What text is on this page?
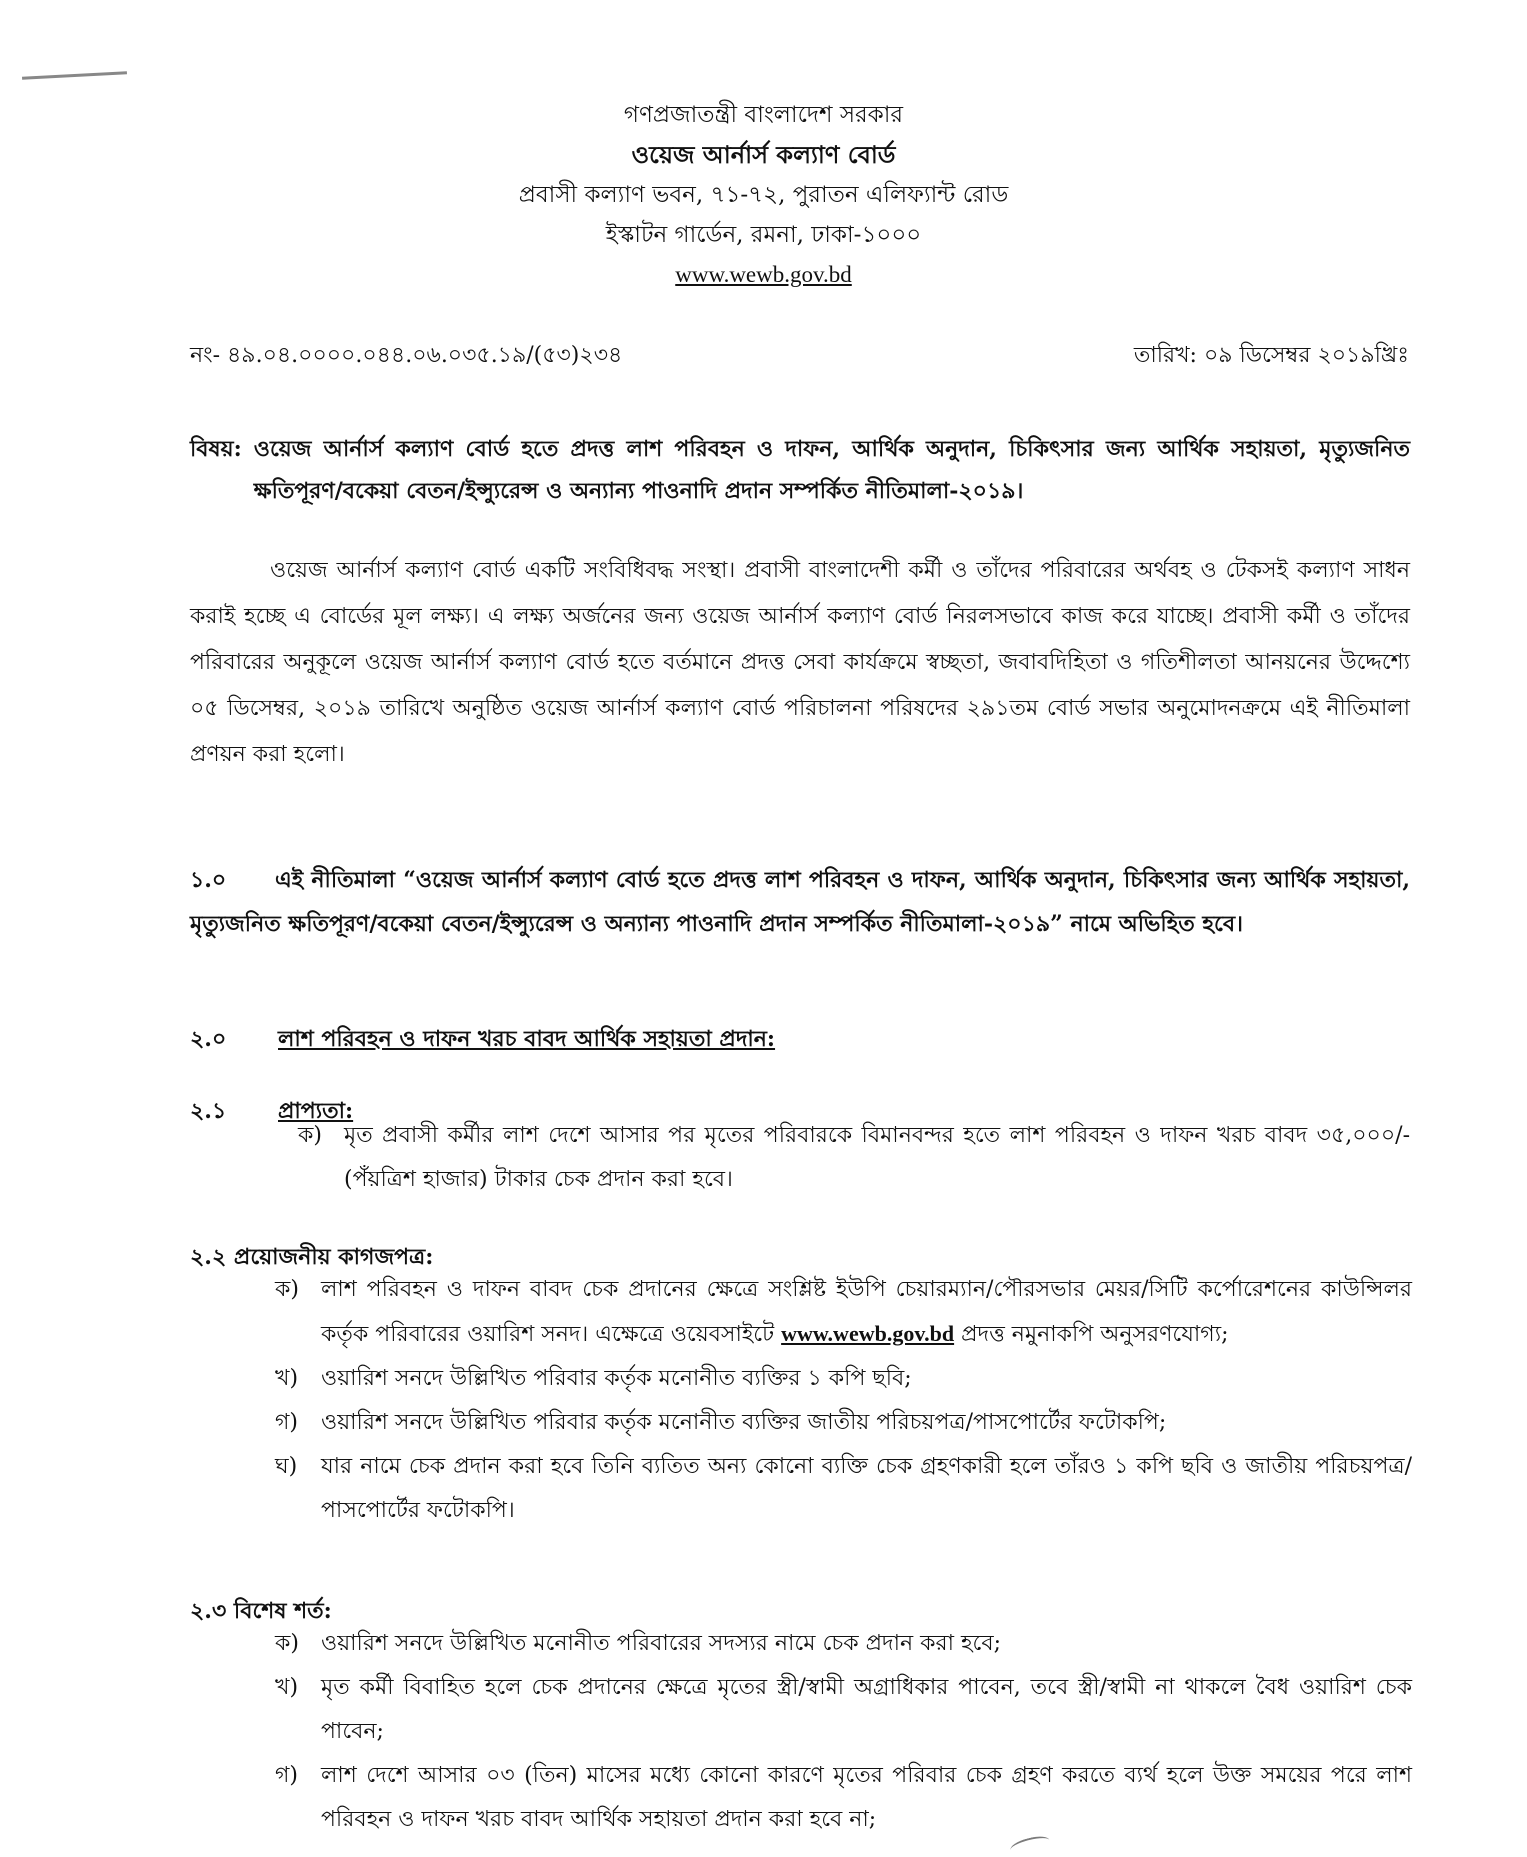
গণপ্রজাতন্ত্রী বাংলাদেশ সরকার
ওয়েজ আর্নার্স কল্যাণ বোর্ড
প্রবাসী কল্যাণ ভবন, ৭১-৭২, পুরাতন এলিফ্যান্ট রোড
ইস্কাটন গার্ডেন, রমনা, ঢাকা-১০০০
www.wewb.gov.bd
নং- ৪৯.০৪.০০০০.০৪৪.০৬.০৩৫.১৯/(৫৩)২৩৪	তারিখ: ০৯ ডিসেম্বর ২০১৯খ্রিঃ
বিষয়: ওয়েজ আর্নার্স কল্যাণ বোর্ড হতে প্রদত্ত লাশ পরিবহন ও দাফন, আর্থিক অনুদান, চিকিৎসার জন্য আর্থিক সহায়তা, মৃত্যুজনিত ক্ষতিপূরণ/বকেয়া বেতন/ইন্স্যুরেন্স ও অন্যান্য পাওনাদি প্রদান সম্পর্কিত নীতিমালা-২০১৯।

ওয়েজ আর্নার্স কল্যাণ বোর্ড একটি সংবিধিবদ্ধ সংস্থা। প্রবাসী বাংলাদেশী কর্মী ও তাঁদের পরিবারের অর্থবহ ও টেকসই কল্যাণ সাধন করাই হচ্ছে এ বোর্ডের মূল লক্ষ্য। এ লক্ষ্য অর্জনের জন্য ওয়েজ আর্নার্স কল্যাণ বোর্ড নিরলসভাবে কাজ করে যাচ্ছে। প্রবাসী কর্মী ও তাঁদের পরিবারের অনুকূলে ওয়েজ আর্নার্স কল্যাণ বোর্ড হতে বর্তমানে প্রদত্ত সেবা কার্যক্রমে স্বচ্ছতা, জবাবদিহিতা ও গতিশীলতা আনয়নের উদ্দেশ্যে ০৫ ডিসেম্বর, ২০১৯ তারিখে অনুষ্ঠিত ওয়েজ আর্নার্স কল্যাণ বোর্ড পরিচালনা পরিষদের ২৯১তম বোর্ড সভার অনুমোদনক্রমে এই নীতিমালা প্রণয়ন করা হলো।

১.০ এই নীতিমালা “ওয়েজ আর্নার্স কল্যাণ বোর্ড হতে প্রদত্ত লাশ পরিবহন ও দাফন, আর্থিক অনুদান, চিকিৎসার জন্য আর্থিক সহায়তা, মৃত্যুজনিত ক্ষতিপূরণ/বকেয়া বেতন/ইন্স্যুরেন্স ও অন্যান্য পাওনাদি প্রদান সম্পর্কিত নীতিমালা-২০১৯” নামে অভিহিত হবে।

২.০ লাশ পরিবহন ও দাফন খরচ বাবদ আর্থিক সহায়তা প্রদান:
২.১ প্রাপ্যতা:
ক)	মৃত প্রবাসী কর্মীর লাশ দেশে আসার পর মৃতের পরিবারকে বিমানবন্দর হতে লাশ পরিবহন ও দাফন খরচ বাবদ ৩৫,০০০/- (পঁয়ত্রিশ হাজার) টাকার চেক প্রদান করা হবে।
২.২ প্রয়োজনীয় কাগজপত্র:
ক)	লাশ পরিবহন ও দাফন বাবদ চেক প্রদানের ক্ষেত্রে সংশ্লিষ্ট ইউপি চেয়ারম্যান/পৌরসভার মেয়র/সিটি কর্পোরেশনের কাউন্সিলর কর্তৃক পরিবারের ওয়ারিশ সনদ। এক্ষেত্রে ওয়েবসাইটে www.wewb.gov.bd প্রদত্ত নমুনাকপি অনুসরণযোগ্য;
খ)	ওয়ারিশ সনদে উল্লিখিত পরিবার কর্তৃক মনোনীত ব্যক্তির ১ কপি ছবি;
গ)	ওয়ারিশ সনদে উল্লিখিত পরিবার কর্তৃক মনোনীত ব্যক্তির জাতীয় পরিচয়পত্র/পাসপোর্টের ফটোকপি;
ঘ)	যার নামে চেক প্রদান করা হবে তিনি ব্যতিত অন্য কোনো ব্যক্তি চেক গ্রহণকারী হলে তাঁরও ১ কপি ছবি ও জাতীয় পরিচয়পত্র/পাসপোর্টের ফটোকপি।
২.৩ বিশেষ শর্ত:
ক)	ওয়ারিশ সনদে উল্লিখিত মনোনীত পরিবারের সদস্যর নামে চেক প্রদান করা হবে;
খ)	মৃত কর্মী বিবাহিত হলে চেক প্রদানের ক্ষেত্রে মৃতের স্ত্রী/স্বামী অগ্রাধিকার পাবেন, তবে স্ত্রী/স্বামী না থাকলে বৈধ ওয়ারিশ চেক পাবেন;
গ)	লাশ দেশে আসার ০৩ (তিন) মাসের মধ্যে কোনো কারণে মৃতের পরিবার চেক গ্রহণ করতে ব্যর্থ হলে উক্ত সময়ের পরে লাশ পরিবহন ও দাফন খরচ বাবদ আর্থিক সহায়তা প্রদান করা হবে না;
